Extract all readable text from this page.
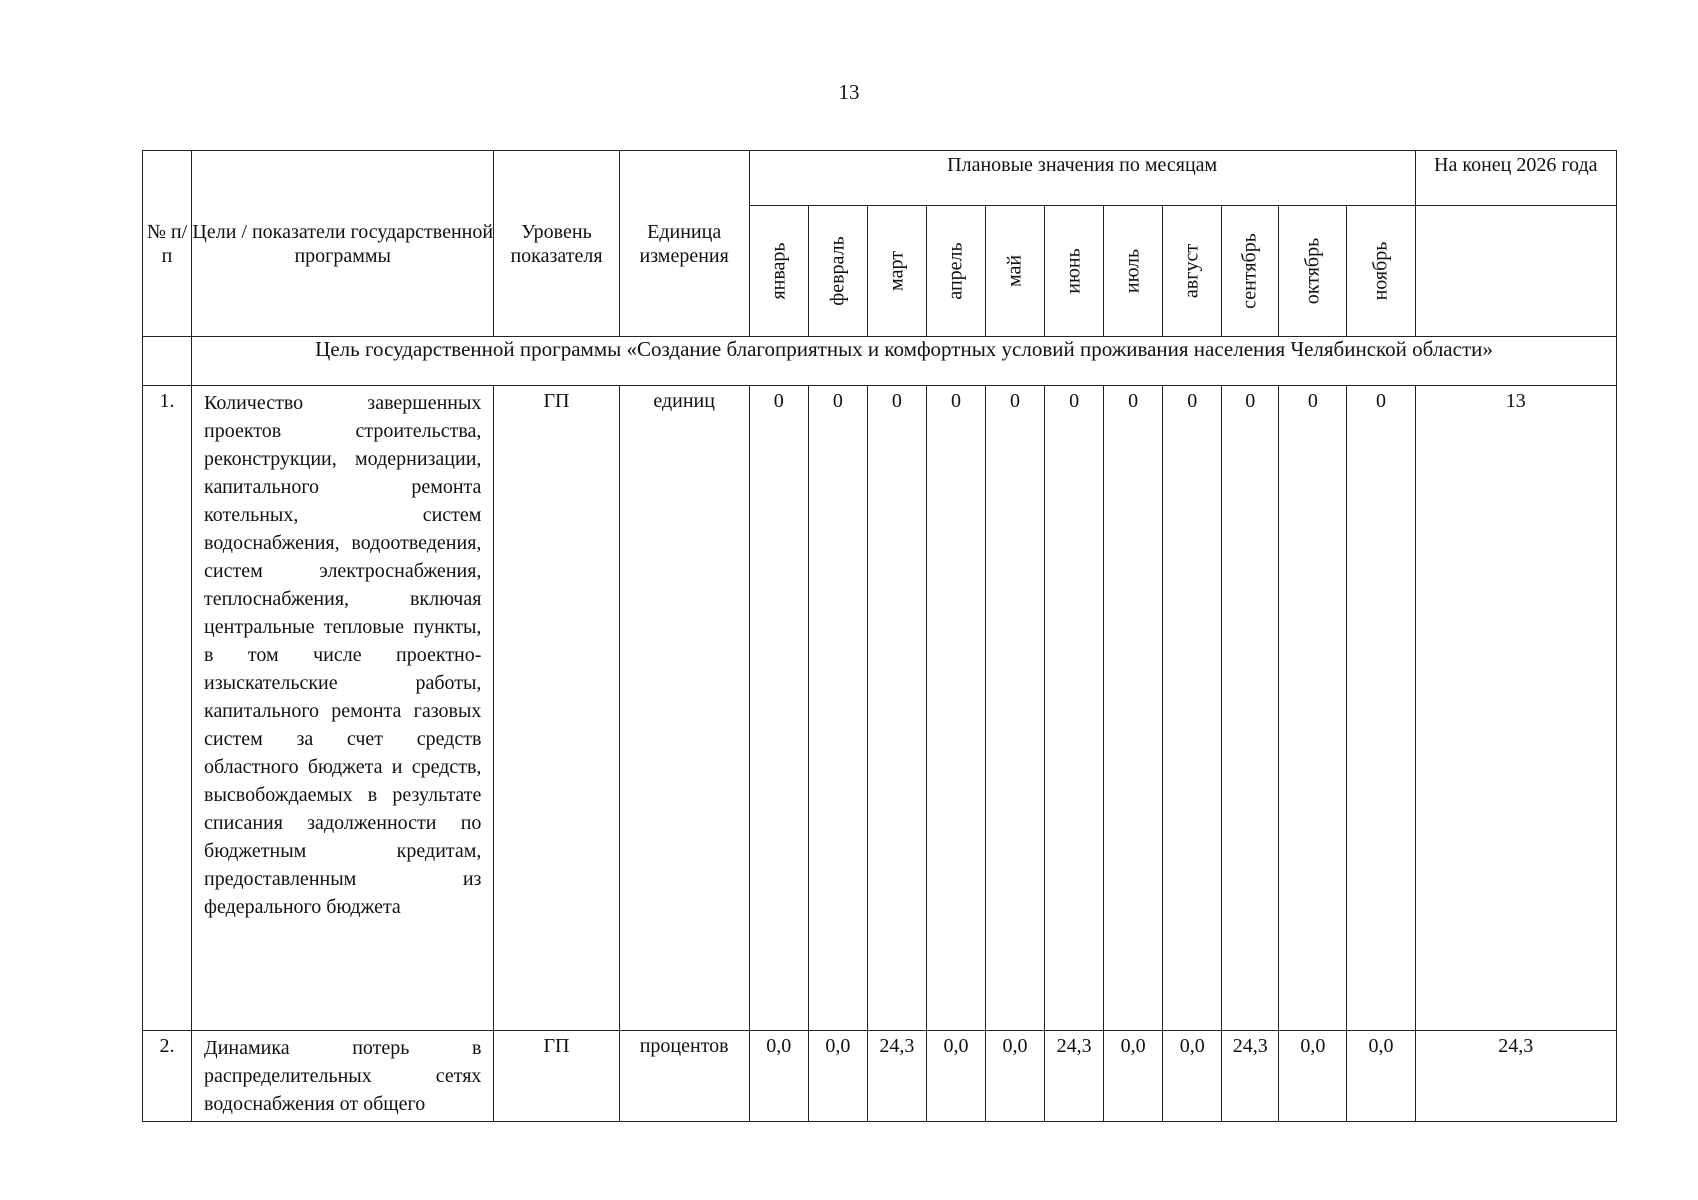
13
№ п/п	Цели / показатели государственной программы	Уровень показателя	Единица измерения	Плановые значения по месяцам											На конец 2026 года

				январь	февраль	март	апрель	май	июнь	июль	август	сентябрь	октябрь	ноябрь	

	Цель государственной программы «Создание благоприятных и комфортных условий проживания населения Челябинской области»														
1.	Количество завершенных проектов строительства, реконструкции, модернизации, капитального ремонта котельных, систем водоснабжения, водоотведения, систем электроснабжения, теплоснабжения, включая центральные тепловые пункты, в том числе проектно-изыскательские работы, капитального ремонта газовых систем за счет средств областного бюджета и средств, высвобождаемых в результате списания задолженности по бюджетным кредитам, предоставленным из федерального бюджета	ГП	единиц	0	0	0	0	0	0	0	0	0	0	0	13
2.	Динамика потерь в распределительных сетях водоснабжения от общего	ГП	процентов	0,0	0,0	24,3	0,0	0,0	24,3	0,0	0,0	24,3	0,0	0,0	24,3
